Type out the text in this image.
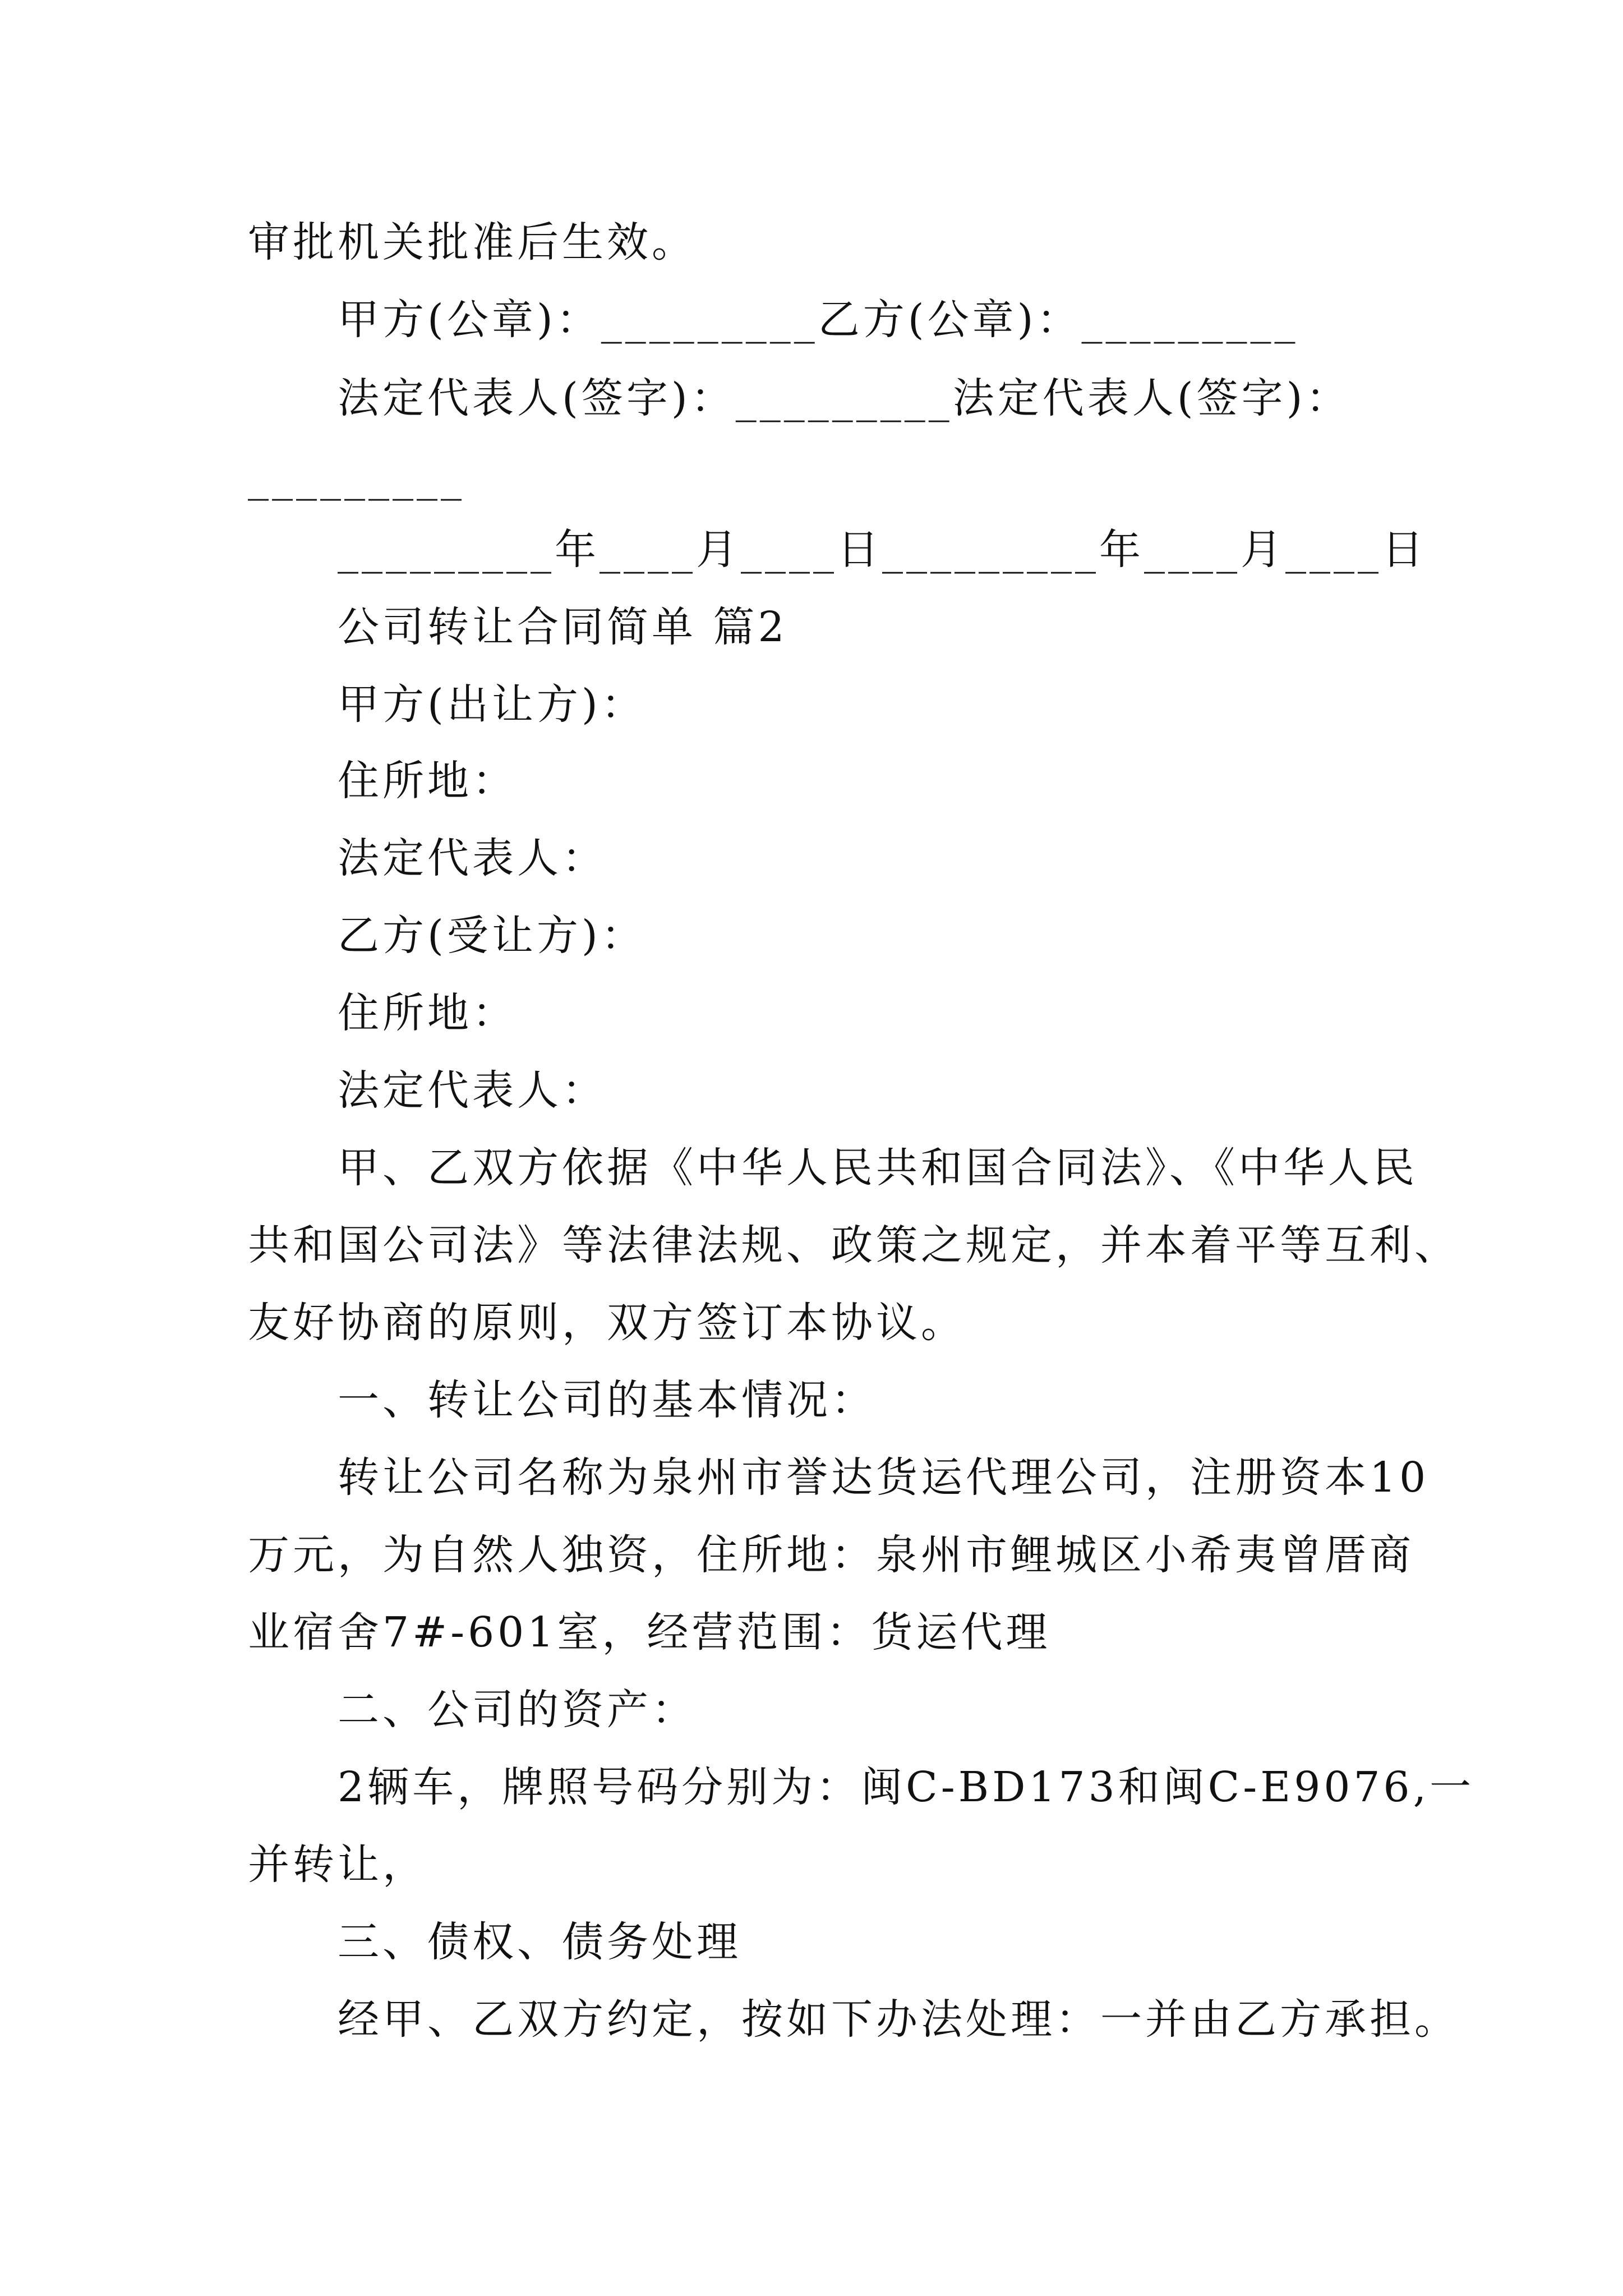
审批机关批准后生效。
甲方(公章)：_________乙方(公章)：_________
法定代表人(签字)：_________法定代表人(签字)：
_________
_________年____月____日_________年____月____日
公司转让合同简单 篇2
甲方(出让方)：
住所地：
法定代表人：
乙方(受让方)：
住所地：
法定代表人：
甲、乙双方依据《中华人民共和国合同法》、《中华人民
共和国公司法》等法律法规、政策之规定，并本着平等互利、
友好协商的原则，双方签订本协议。
一、转让公司的基本情况：
转让公司名称为泉州市誉达货运代理公司，注册资本10
万元，为自然人独资，住所地：泉州市鲤城区小希夷曾厝商
业宿舍7#-601室，经营范围：货运代理
二、公司的资产：
2辆车，牌照号码分别为：闽C-BD173和闽C-E9076,一
并转让，
三、债权、债务处理
经甲、乙双方约定，按如下办法处理：一并由乙方承担。
